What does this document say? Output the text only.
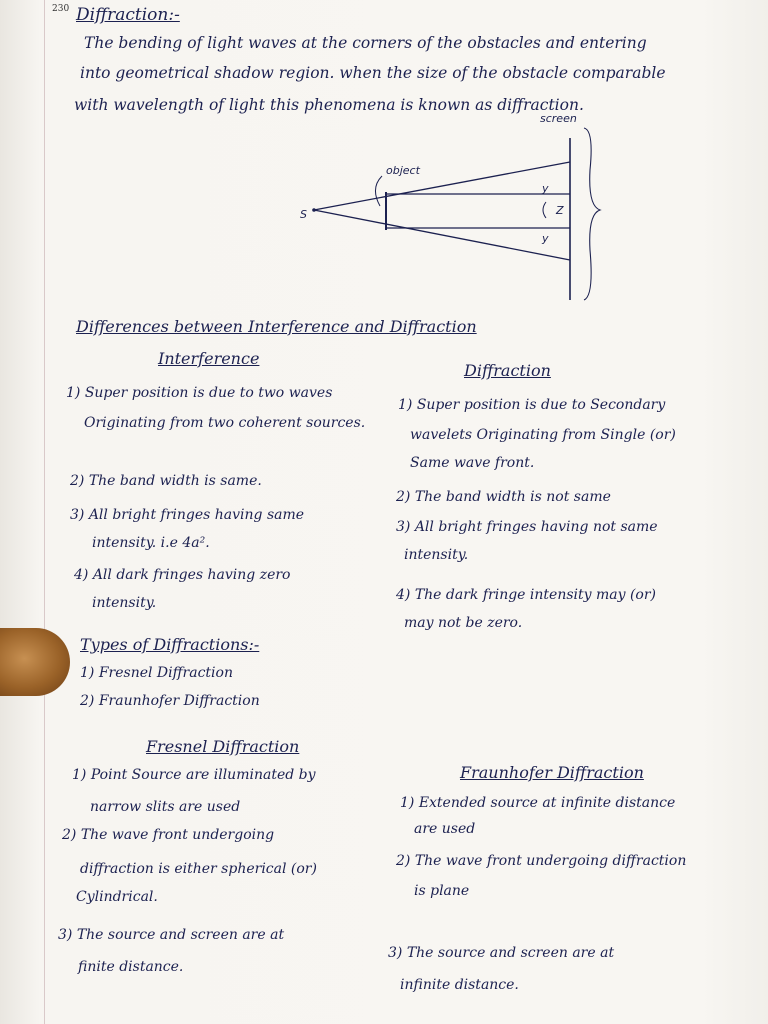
230 Diffraction:-
The bending of light waves at the corners of the obstacles and entering
into geometrical shadow region. when the size of the obstacle comparable
with wavelength of light this phenomena is known as diffraction.
screen
object
S
y
y
Z
Differences between Interference and Diffraction
Interference
Diffraction
1) Super position is due to two waves
Originating from two coherent sources.
2) The band width is same.
3) All bright fringes having same
intensity. i.e 4a².
4) All dark fringes having zero
intensity.
1) Super position is due to Secondary
wavelets Originating from Single (or)
Same wave front.
2) The band width is not same
3) All bright fringes having not same
intensity.
4) The dark fringe intensity may (or)
may not be zero.
Types of Diffractions:-
1) Fresnel Diffraction
2) Fraunhofer Diffraction
Fresnel Diffraction
1) Point Source are illuminated by
narrow slits are used
2) The wave front undergoing
diffraction is either spherical (or)
Cylindrical.
3) The source and screen are at
finite distance.
Fraunhofer Diffraction
1) Extended source at infinite distance
are used
2) The wave front undergoing diffraction
is plane
3) The source and screen are at
infinite distance.
